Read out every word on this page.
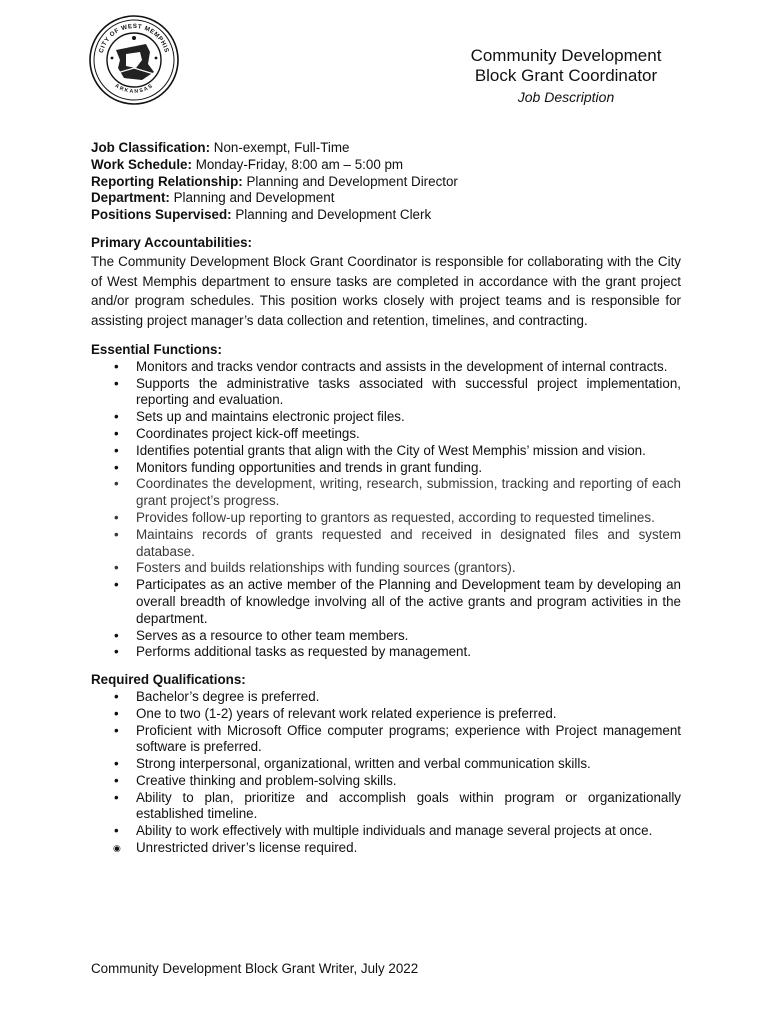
CITY OF WEST MEMPHIS
ARKANSAS
Community Development
Block Grant Coordinator
Job Description
Job Classification: Non-exempt, Full-Time
Work Schedule: Monday-Friday, 8:00 am – 5:00 pm
Reporting Relationship: Planning and Development Director
Department: Planning and Development
Positions Supervised: Planning and Development Clerk
Primary Accountabilities:
The Community Development Block Grant Coordinator is responsible for collaborating with the City of West Memphis department to ensure tasks are completed in accordance with the grant project and/or program schedules. This position works closely with project teams and is responsible for assisting project manager’s data collection and retention, timelines, and contracting.
Essential Functions:
• Monitors and tracks vendor contracts and assists in the development of internal contracts.
• Supports the administrative tasks associated with successful project implementation, reporting and evaluation.
• Sets up and maintains electronic project files.
• Coordinates project kick-off meetings.
• Identifies potential grants that align with the City of West Memphis’ mission and vision.
• Monitors funding opportunities and trends in grant funding.
• Coordinates the development, writing, research, submission, tracking and reporting of each grant project’s progress.
• Provides follow-up reporting to grantors as requested, according to requested timelines.
• Maintains records of grants requested and received in designated files and system database.
• Fosters and builds relationships with funding sources (grantors).
• Participates as an active member of the Planning and Development team by developing an overall breadth of knowledge involving all of the active grants and program activities in the department.
• Serves as a resource to other team members.
• Performs additional tasks as requested by management.
Required Qualifications:
• Bachelor’s degree is preferred.
• One to two (1-2) years of relevant work related experience is preferred.
• Proficient with Microsoft Office computer programs; experience with Project management software is preferred.
• Strong interpersonal, organizational, written and verbal communication skills.
• Creative thinking and problem-solving skills.
• Ability to plan, prioritize and accomplish goals within program or organizationally established timeline.
• Ability to work effectively with multiple individuals and manage several projects at once.
◉ Unrestricted driver’s license required.
Community Development Block Grant Writer, July 2022
